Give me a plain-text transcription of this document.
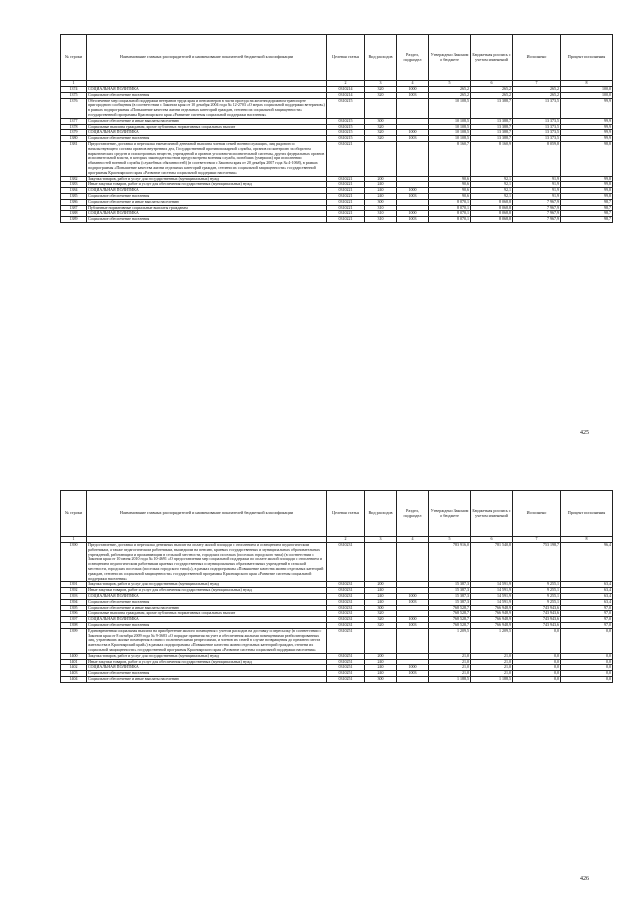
№ строки	Наименование главных распорядителей и наименование показателей бюджетной классификации	Целевая статья	Вид расходов	Раздел, подраздел	Утверждено Законом о бюджете	Бюджетная роспись с учетом изменений	Исполнено	Процент исполнения
1		2	3	4	5	6	7	8
1374	СОЦИАЛЬНАЯ ПОЛИТИКА	0310214	320	1000	265,2	265,2	265,2	100,0
1375	Социальное обеспечение населения	0310214	320	1003	265,2	265,2	265,2	100,0
1376	Обеспечение мер социальной поддержки ветеранов труда края и пенсионеров в части проезда на железнодорожном транспорте пригородного сообщения (в соответствии с Законом края от 10 декабря 2004 года № 12-2703 «О мерах социальной поддержки ветеранов») в рамках подпрограммы «Повышение качества жизни отдельных категорий граждан, степени их социальной защищенности» государственной программы Красноярского края «Развитие системы социальной поддержки населения»	0310215			10 108,5	13 388,7	13 373,5	99,9
1377	Социальное обеспечение и иные выплаты населению	0310215	300		10 108,5	13 388,7	13 373,5	99,9
1378	Социальные выплаты гражданам, кроме публичных нормативных социальных выплат	0310215	320		10 108,5	13 388,7	13 373,5	99,9
1379	СОЦИАЛЬНАЯ ПОЛИТИКА	0310215	320	1000	10 108,5	13 388,7	13 373,5	99,9
1380	Социальное обеспечение населения	0310215	320	1003	10 108,5	13 388,7	13 373,5	99,9
1381	Предоставление, доставка и пересылка ежемесячной денежной выплаты членам семей военнослужащих, лиц рядового и начальствующего состава органов внутренних дел, Государственной противопожарной службы, органов по контролю за оборотом наркотических средств и психотропных веществ, учреждений и органов уголовно-исполнительной системы, других федеральных органов исполнительной власти, в которых законодательством предусмотрена военная служба, погибших (умерших) при исполнении обязанностей военной службы (служебных обязанностей) (в соответствии с Законом края от 20 декабря 2007 года № 4-1068), в рамках подпрограммы «Повышение качества жизни отдельных категорий граждан, степени их социальной защищенности» государственной программы Красноярского края «Развитие системы социальной поддержки населения»	0310221			8 160,7	8 160,9	8 059,8	98,8
1382	Закупка товаров, работ и услуг для государственных (муниципальных) нужд	0310221	200		90,6	92,1	91,9	99,8
1383	Иные закупки товаров, работ и услуг для обеспечения государственных (муниципальных) нужд	0310221	240		90,6	92,1	91,9	99,8
1384	СОЦИАЛЬНАЯ ПОЛИТИКА	0310221	240	1000	90,6	92,1	91,9	99,8
1385	Социальное обеспечение населения	0310221	240	1003	90,6	92,1	91,9	99,8
1386	Социальное обеспечение и иные выплаты населению	0310221	300		8 070,1	8 068,8	7 967,9	98,7
1387	Публичные нормативные социальные выплаты гражданам	0310221	310		8 070,1	8 068,8	7 967,9	98,7
1388	СОЦИАЛЬНАЯ ПОЛИТИКА	0310221	310	1000	8 070,1	8 068,8	7 967,9	98,7
1389	Социальное обеспечение населения	0310221	310	1003	8 070,1	8 068,8	7 967,9	98,7
425
№ строки	Наименование главных распорядителей и наименование показателей бюджетной классификации	Целевая статья	Вид расходов	Раздел, подраздел	Утверждено Законом о бюджете	Бюджетная роспись с учетом изменений	Исполнено	Процент исполнения
1		2	3	4	5	6	7	8
1390	Предоставление, доставка и пересылка денежных выплат на оплату жилой площади с отоплением и освещением педагогическим работникам, а также педагогическим работникам, вышедшим на пенсию, краевых государственных и муниципальных образовательных учреждений, работающим и проживающим в сельской местности, городских поселках (поселках городского типа) (в соответствии с Законом края от 10 июня 2010 года № 10-4691 «О предоставлении мер социальной поддержки по оплате жилой площади с отоплением и освещением педагогическим работникам краевых государственных и муниципальных образовательных учреждений в сельской местности, городских поселках (поселках городского типа)»), в рамках подпрограммы «Повышение качества жизни отдельных категорий граждан, степени их социальной защищенности» государственной программы Красноярского края «Развитие системы социальной поддержки населения»	0310231			783 916,0	781 540,8	753 198,7	96,4
1391	Закупка товаров, работ и услуг для государственных (муниципальных) нужд	0310231	200		15 387,3	14 591,9	9 255,1	63,4
1392	Иные закупки товаров, работ и услуг для обеспечения государственных (муниципальных) нужд	0310231	240		15 387,3	14 591,9	9 255,1	63,4
1393	СОЦИАЛЬНАЯ ПОЛИТИКА	0310231	240	1000	15 387,3	14 591,9	9 255,1	63,4
1394	Социальное обеспечение населения	0310231	240	1003	15 387,3	14 591,9	9 255,1	63,4
1395	Социальное обеспечение и иные выплаты населению	0310231	300		768 528,7	766 948,9	743 943,6	97,0
1396	Социальные выплаты гражданам, кроме публичных нормативных социальных выплат	0310231	320		768 528,7	766 948,9	743 943,6	97,0
1397	СОЦИАЛЬНАЯ ПОЛИТИКА	0310231	320	1000	768 528,7	766 948,9	743 943,6	97,0
1398	Социальное обеспечение населения	0310231	320	1003	768 528,7	766 948,9	743 943,6	97,0
1399	Единовременная социальная выплата на приобретение жилого помещения с учетом расходов на доставку и пересылку (в соответствии с Законом края от 8 октября 2009 года № 9-3683 «О порядке принятия на учет и обеспечения жилыми помещениями реабилитированных лиц, утративших жилые помещения в связи с политическими репрессиями, и членов их семей в случае возвращения до прежнего места жительства в Красноярский край») в рамках подпрограммы «Повышение качества жизни отдельных категорий граждан, степени их социальной защищенности» государственной программы Красноярского края «Развитие системы социальной поддержки населения»	0310251			1 209,5	1 209,5	0,0	0,0
1400	Закупка товаров, работ и услуг для государственных (муниципальных) нужд	0310251	200		21,0	21,0	0,0	0,0
1401	Иные закупки товаров, работ и услуг для обеспечения государственных (муниципальных) нужд	0310251	240		21,0	21,0	0,0	0,0
1402	СОЦИАЛЬНАЯ ПОЛИТИКА	0310251	240	1000	21,0	21,0	0,0	0,0
1403	Социальное обеспечение населения	0310251	240	1003	21,0	21,0	0,0	0,0
1404	Социальное обеспечение и иные выплаты населению	0310251	300		1 188,5	1 188,5	0,0	0,0
426
